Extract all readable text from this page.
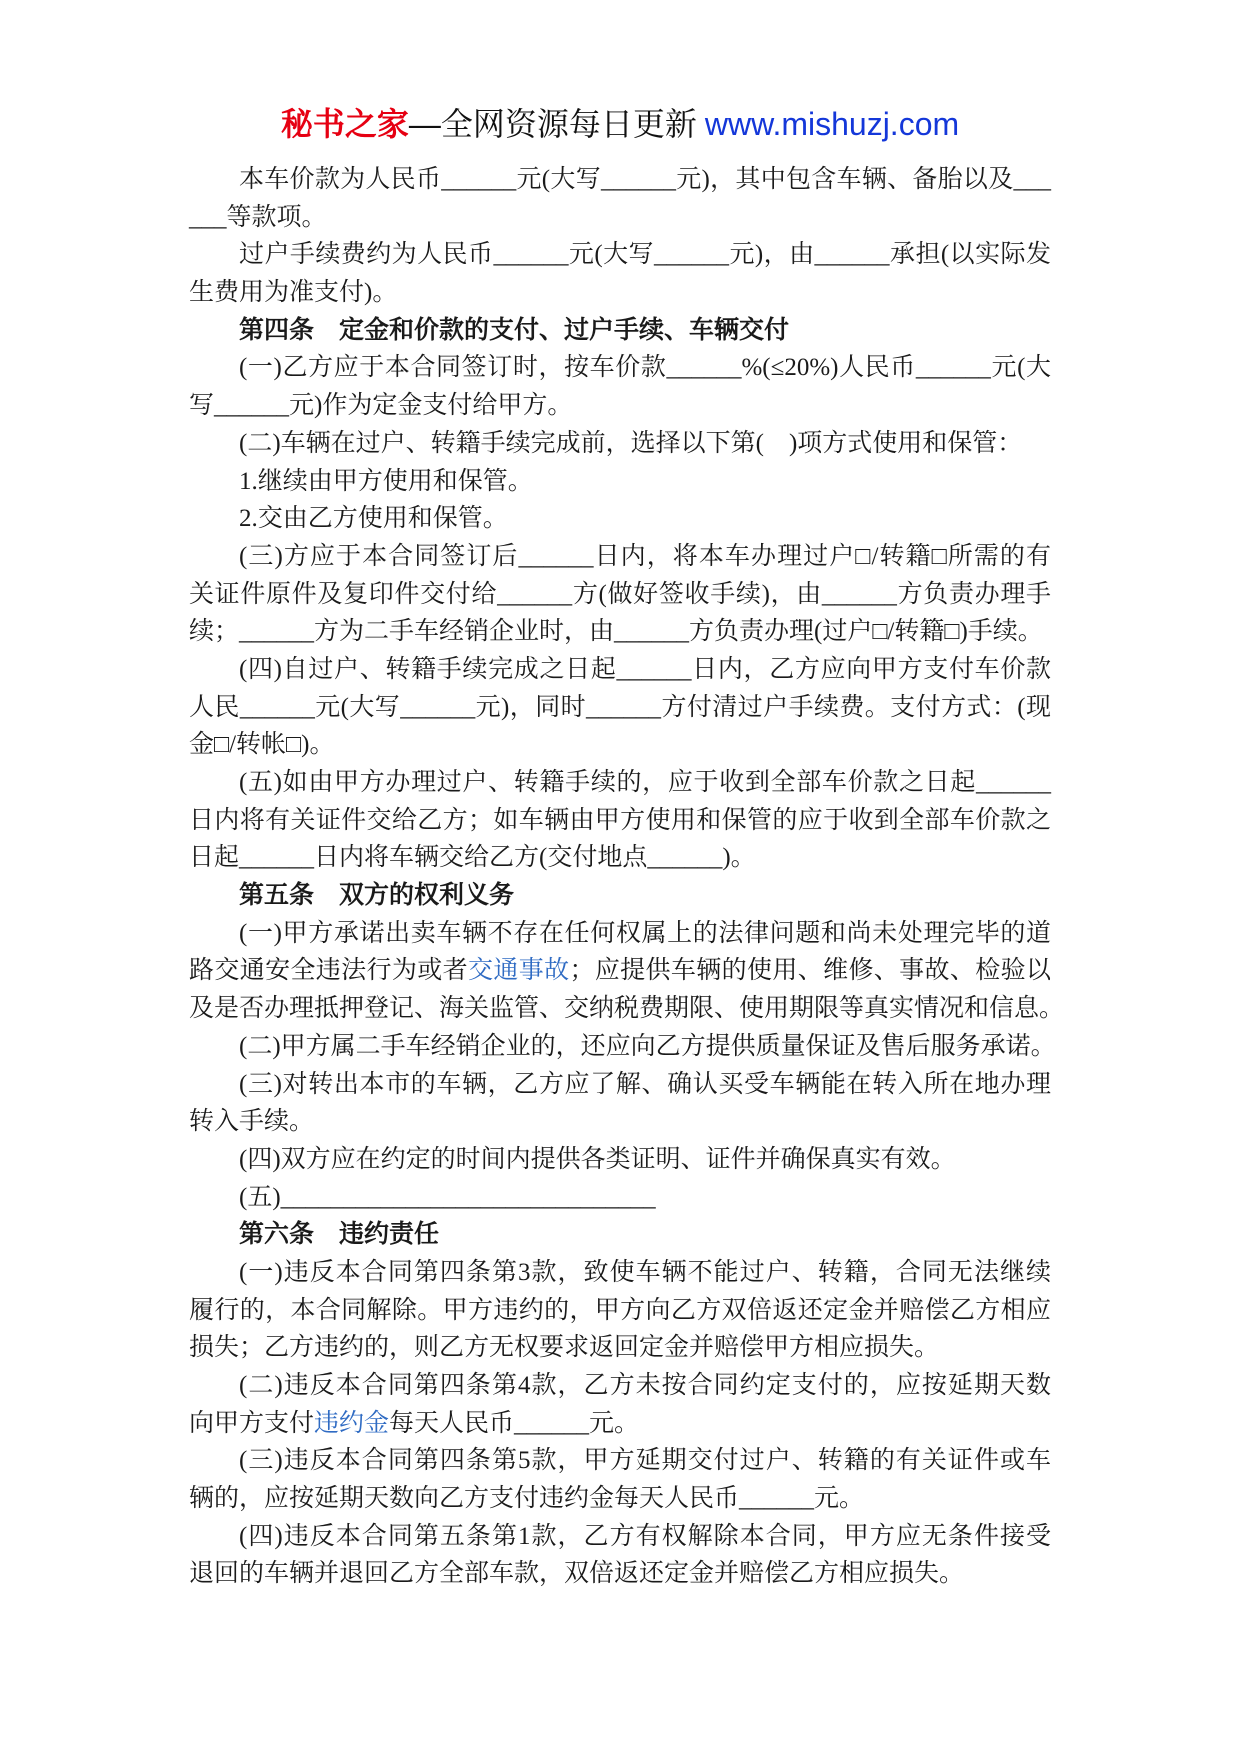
秘书之家—全网资源每日更新 www.mishuzj.com
本车价款为人民币______元(大写______元)，其中包含车辆、备胎以及___
___等款项。
过户手续费约为人民币______元(大写______元)，由______承担(以实际发
生费用为准支付)。
第四条　定金和价款的支付、过户手续、车辆交付
(一)乙方应于本合同签订时，按车价款______%(≤20%)人民币______元(大
写______元)作为定金支付给甲方。
(二)车辆在过户、转籍手续完成前，选择以下第(　)项方式使用和保管：
1.继续由甲方使用和保管。
2.交由乙方使用和保管。
(三)方应于本合同签订后______日内，将本车办理过户□/转籍□所需的有
关证件原件及复印件交付给______方(做好签收手续)，由______方负责办理手
续；______方为二手车经销企业时，由______方负责办理(过户□/转籍□)手续。
(四)自过户、转籍手续完成之日起______日内，乙方应向甲方支付车价款
人民______元(大写______元)，同时______方付清过户手续费。支付方式：(现
金□/转帐□)。
(五)如由甲方办理过户、转籍手续的，应于收到全部车价款之日起______
日内将有关证件交给乙方；如车辆由甲方使用和保管的应于收到全部车价款之
日起______日内将车辆交给乙方(交付地点______)。
第五条　双方的权利义务
(一)甲方承诺出卖车辆不存在任何权属上的法律问题和尚未处理完毕的道
路交通安全违法行为或者交通事故；应提供车辆的使用、维修、事故、检验以
及是否办理抵押登记、海关监管、交纳税费期限、使用期限等真实情况和信息。
(二)甲方属二手车经销企业的，还应向乙方提供质量保证及售后服务承诺。
(三)对转出本市的车辆，乙方应了解、确认买受车辆能在转入所在地办理
转入手续。
(四)双方应在约定的时间内提供各类证明、证件并确保真实有效。
(五)______________________________
第六条　违约责任
(一)违反本合同第四条第3款，致使车辆不能过户、转籍，合同无法继续
履行的，本合同解除。甲方违约的，甲方向乙方双倍返还定金并赔偿乙方相应
损失；乙方违约的，则乙方无权要求返回定金并赔偿甲方相应损失。
(二)违反本合同第四条第4款，乙方未按合同约定支付的，应按延期天数
向甲方支付违约金每天人民币______元。
(三)违反本合同第四条第5款，甲方延期交付过户、转籍的有关证件或车
辆的，应按延期天数向乙方支付违约金每天人民币______元。
(四)违反本合同第五条第1款，乙方有权解除本合同，甲方应无条件接受
退回的车辆并退回乙方全部车款，双倍返还定金并赔偿乙方相应损失。
